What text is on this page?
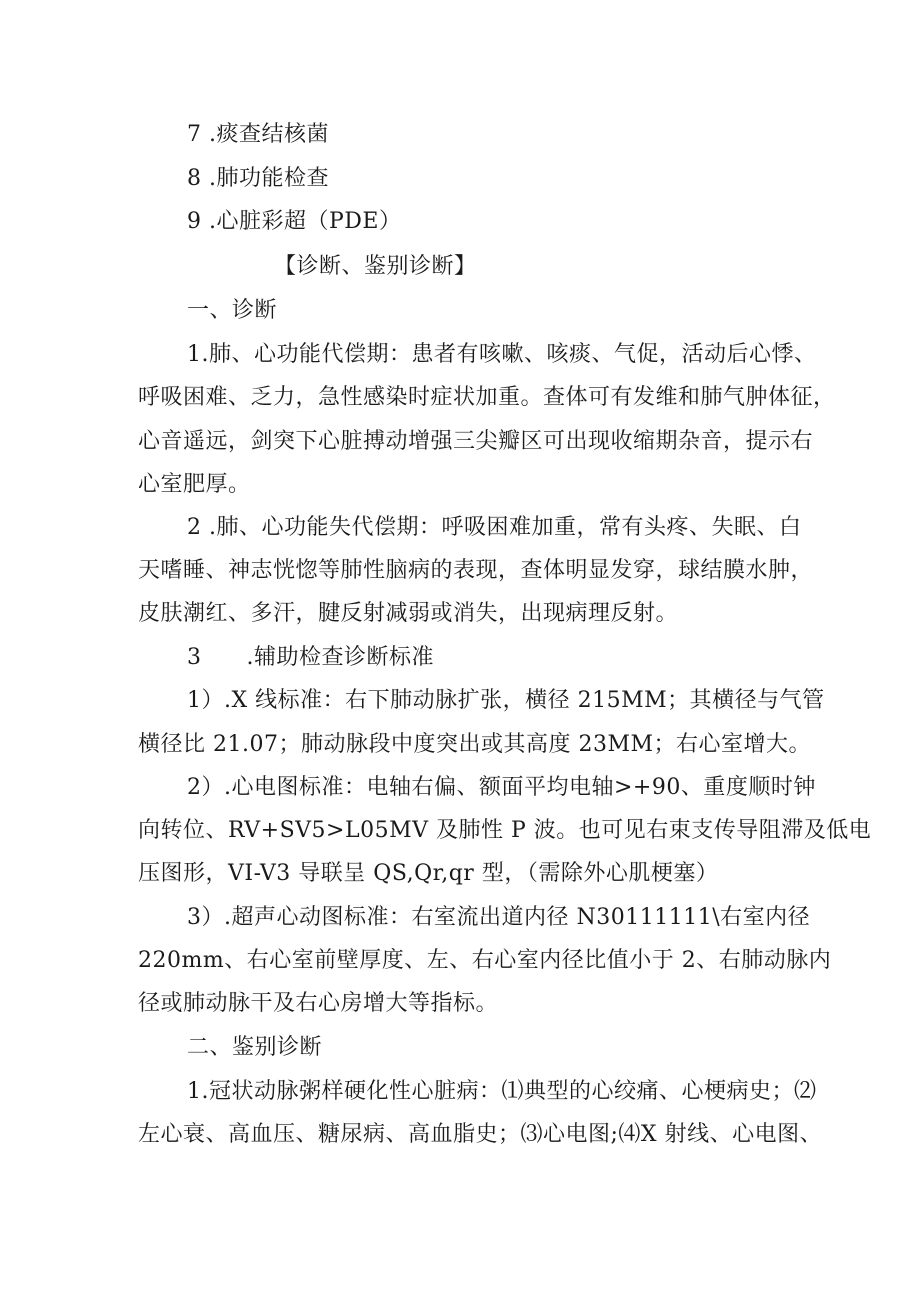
7 .痰查结核菌
8 .肺功能检查
9 .心脏彩超（PDE）
【诊断、鉴别诊断】
一、诊断
1.肺、心功能代偿期：患者有咳嗽、咳痰、气促，活动后心悸、
呼吸困难、乏力，急性感染时症状加重。查体可有发维和肺气肿体征，
心音遥远，剑突下心脏搏动增强三尖瓣区可出现收缩期杂音，提示右
心室肥厚。
2 .肺、心功能失代偿期：呼吸困难加重，常有头疼、失眠、白
天嗜睡、神志恍惚等肺性脑病的表现，查体明显发穿，球结膜水肿，
皮肤潮红、多汗，腱反射减弱或消失，出现病理反射。
3　　.辅助检查诊断标准
1）.X 线标准：右下肺动脉扩张，横径 215MM；其横径与气管
横径比 21.07；肺动脉段中度突出或其高度 23MM；右心室增大。
2）.心电图标准：电轴右偏、额面平均电轴>+90、重度顺时钟
向转位、RV+SV5>L05MV 及肺性 P 波。也可见右束支传导阻滞及低电
压图形，VI-V3 导联呈 QS,Qr,qr 型，（需除外心肌梗塞）
3）.超声心动图标准：右室流出道内径 N30111111\右室内径
220mm、右心室前壁厚度、左、右心室内径比值小于 2、右肺动脉内
径或肺动脉干及右心房增大等指标。
二、鉴别诊断
1.冠状动脉粥样硬化性心脏病：⑴典型的心绞痛、心梗病史；⑵
左心衰、高血压、糖尿病、高血脂史；⑶心电图;⑷X 射线、心电图、
